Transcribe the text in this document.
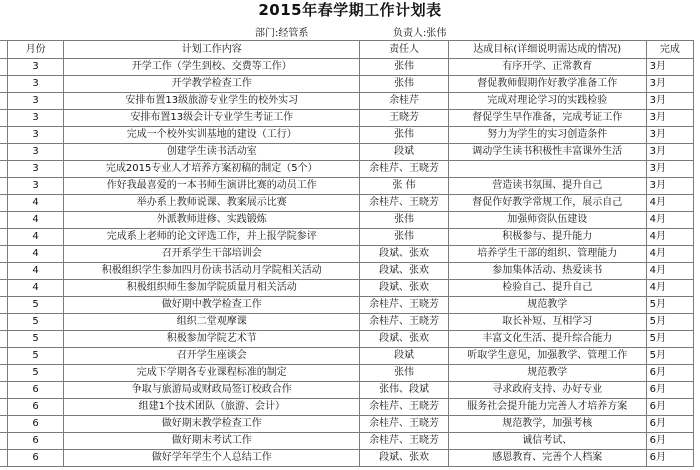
2015年春学期工作计划表
部门:经管系	负责人:张伟
	月份	计划工作内容	责任人	达成目标(详细说明需达成的情况)	完成
	3	开学工作（学生到校、交费等工作）	张伟	有序开学、正常教育	3月
	3	开学教学检查工作	张伟	督促教师假期作好教学准备工作	3月
	3	安排布置13级旅游专业学生的校外实习	余桂芹	完成对理论学习的实践检验	3月
	3	安排布置13级会计专业学生考证工作	王晓芳	督促学生早作准备，完成考证工作	3月
	3	完成一个校外实训基地的建设（工行）	张伟	努力为学生的实习创造条件	3月
	3	创建学生读书活动室	段斌	调动学生读书积极性丰富课外生活	3月
	3	完成2015专业人才培养方案初稿的制定（5个）	余桂芹、王晓芳		3月
	3	作好我最喜爱的一本书师生演讲比赛的动员工作	张 伟	营造读书氛围、提升自己	3月
	4	举办系上教师说课、教案展示比赛	余桂芹、王晓芳	督促作好教学常规工作，展示自己	4月
	4	外派教师进修、实践锻炼	张伟	加强师资队伍建设	4月
	4	完成系上老师的论文评选工作，并上报学院参评	张伟	积极参与、提升能力	4月
	4	召开系学生干部培训会	段斌、张欢	培养学生干部的组织、管理能力	4月
	4	积极组织学生参加四月份读书活动月学院相关活动	段斌、张欢	参加集体活动、热爱读书	4月
	4	积极组织师生参加学院质量月相关活动	段斌、张欢	检验自己、提升自己	4月
	5	做好期中教学检查工作	余桂芹、王晓芳	规范教学	5月
	5	组织二堂观摩课	余桂芹、王晓芳	取长补短、互相学习	5月
	5	积极参加学院艺术节	段斌、张欢	丰富文化生活、提升综合能力	5月
	5	召开学生座谈会	段斌	听取学生意见，加强教学、管理工作	5月
	5	完成下学期各专业课程标准的制定	张伟	规范教学	6月
	6	争取与旅游局或财政局签订校政合作	张伟、段斌	寻求政府支持、办好专业	6月
	6	组建1个技术团队（旅游、会计）	余桂芹、王晓芳	服务社会提升能力完善人才培养方案	6月
	6	做好期末教学检查工作	余桂芹、王晓芳	规范教学，加强考核	6月
	6	做好期末考试工作	余桂芹、王晓芳	诚信考试、	6月
	6	做好学年学生个人总结工作	段斌、张欢	感恩教育、完善个人档案	6月
